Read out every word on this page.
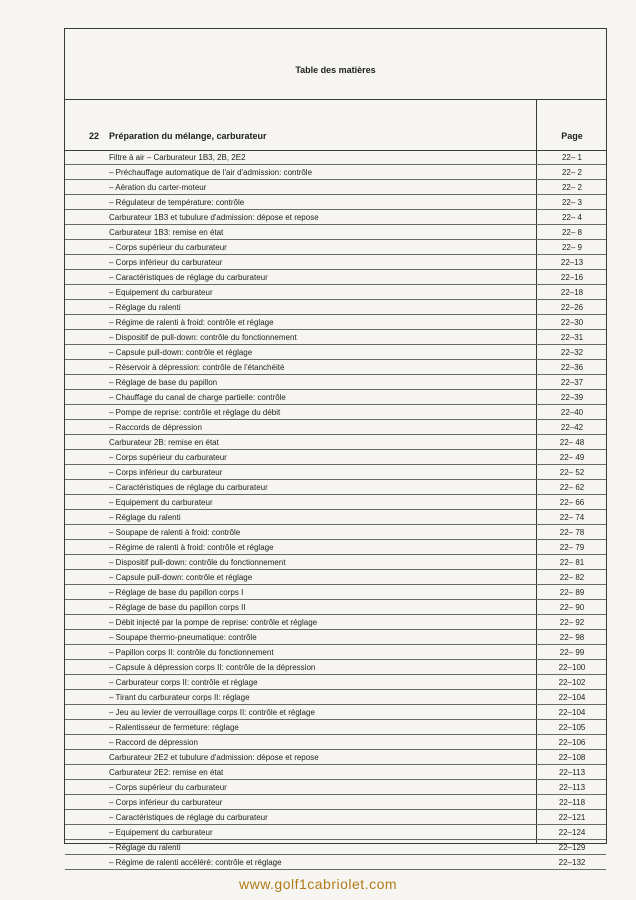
Table des matières
22 Préparation du mélange, carburateur	Page
Filtre à air – Carburateur 1B3, 2B, 2E2	22– 1
– Préchauffage automatique de l'air d'admission: contrôle	22– 2
– Aération du carter-moteur	22– 2
– Régulateur de température: contrôle	22– 3
Carburateur 1B3 et tubulure d'admission: dépose et repose	22– 4
Carburateur 1B3: remise en état	22– 8
– Corps supérieur du carburateur	22– 9
– Corps inférieur du carburateur	22–13
– Caractéristiques de réglage du carburateur	22–16
– Equipement du carburateur	22–18
– Réglage du ralenti	22–26
– Régime de ralenti à froid: contrôle et réglage	22–30
– Dispositif de pull-down: contrôle du fonctionnement	22–31
– Capsule pull-down: contrôle et réglage	22–32
– Réservoir à dépression: contrôle de l'étanchéité	22–36
– Réglage de base du papillon	22–37
– Chauffage du canal de charge partielle: contrôle	22–39
– Pompe de reprise: contrôle et réglage du débit	22–40
– Raccords de dépression	22–42
Carburateur 2B: remise en état	22– 48
– Corps supérieur du carburateur	22– 49
– Corps inférieur du carburateur	22– 52
– Caractéristiques de réglage du carburateur	22– 62
– Equipement du carburateur	22– 66
– Réglage du ralenti	22– 74
– Soupape de ralenti à froid: contrôle	22– 78
– Régime de ralenti à froid: contrôle et réglage	22– 79
– Dispositif pull-down: contrôle du fonctionnement	22– 81
– Capsule pull-down: contrôle et réglage	22– 82
– Réglage de base du papillon corps I	22– 89
– Réglage de base du papillon corps II	22– 90
– Débit injecté par la pompe de reprise: contrôle et réglage	22– 92
– Soupape thermo-pneumatique: contrôle	22– 98
– Papillon corps II: contrôle du fonctionnement	22– 99
– Capsule à dépression corps II: contrôle de la dépression	22–100
– Carburateur corps II: contrôle et réglage	22–102
– Tirant du carburateur corps II: réglage	22–104
– Jeu au levier de verrouillage corps II: contrôle et réglage	22–104
– Ralentisseur de fermeture: réglage	22–105
– Raccord de dépression	22–106
Carburateur 2E2 et tubulure d'admission: dépose et repose	22–108
Carburateur 2E2: remise en état	22–113
– Corps supérieur du carburateur	22–113
– Corps inférieur du carburateur	22–118
– Caractéristiques de réglage du carburateur	22–121
– Equipement du carburateur	22–124
– Réglage du ralenti	22–129
– Régime de ralenti accéléré: contrôle et réglage	22–132
www.golf1cabriolet.com
